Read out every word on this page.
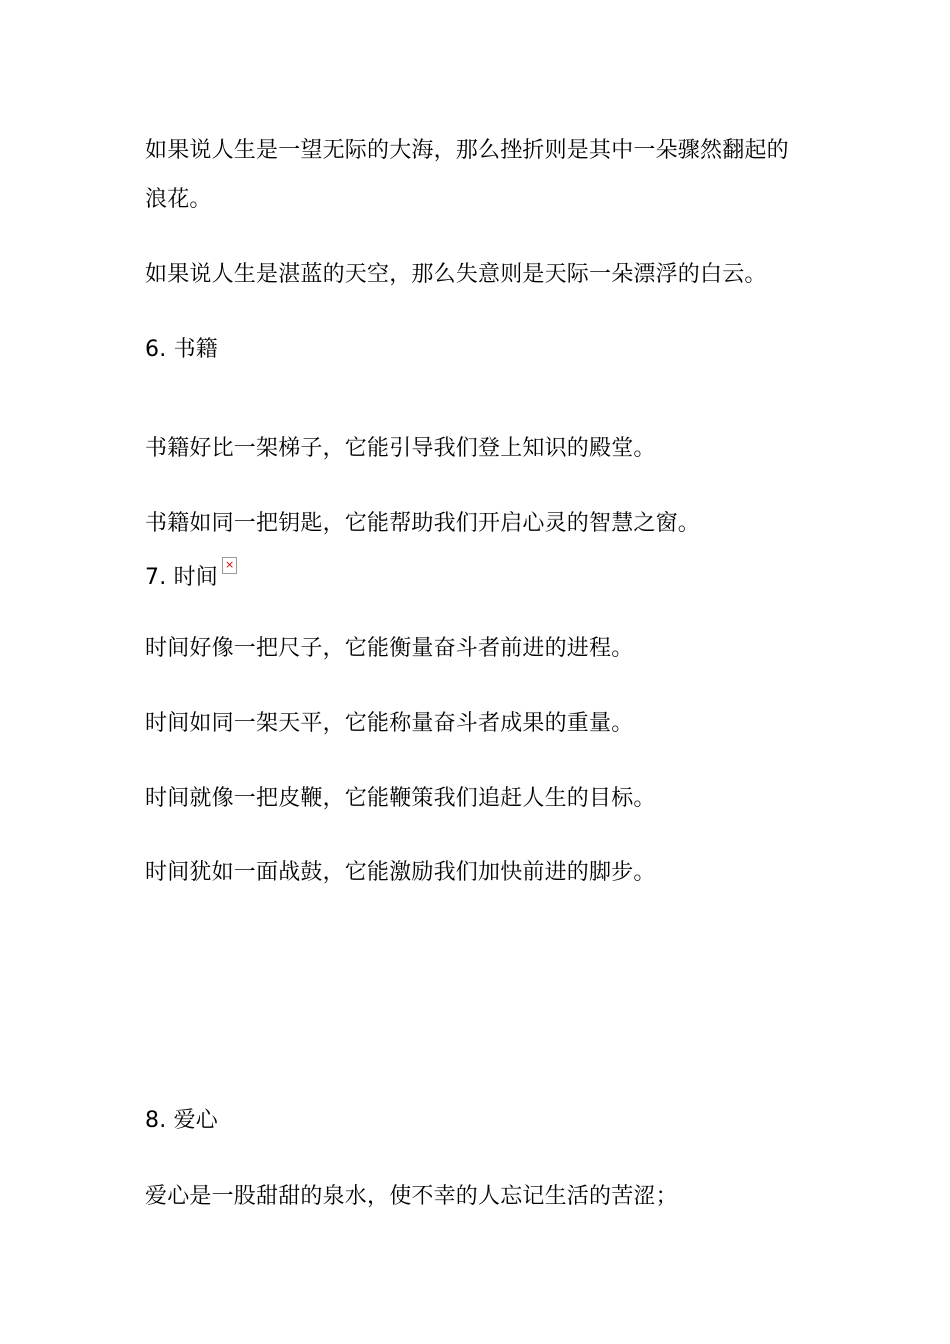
如果说人生是一望无际的大海，那么挫折则是其中一朵骤然翻起的
浪花。
如果说人生是湛蓝的天空，那么失意则是天际一朵漂浮的白云。
6. 书籍
书籍好比一架梯子，它能引导我们登上知识的殿堂。
书籍如同一把钥匙，它能帮助我们开启心灵的智慧之窗。
7. 时间
×
时间好像一把尺子，它能衡量奋斗者前进的进程。
时间如同一架天平，它能称量奋斗者成果的重量。
时间就像一把皮鞭，它能鞭策我们追赶人生的目标。
时间犹如一面战鼓，它能激励我们加快前进的脚步。
8. 爱心
爱心是一股甜甜的泉水，使不幸的人忘记生活的苦涩；
